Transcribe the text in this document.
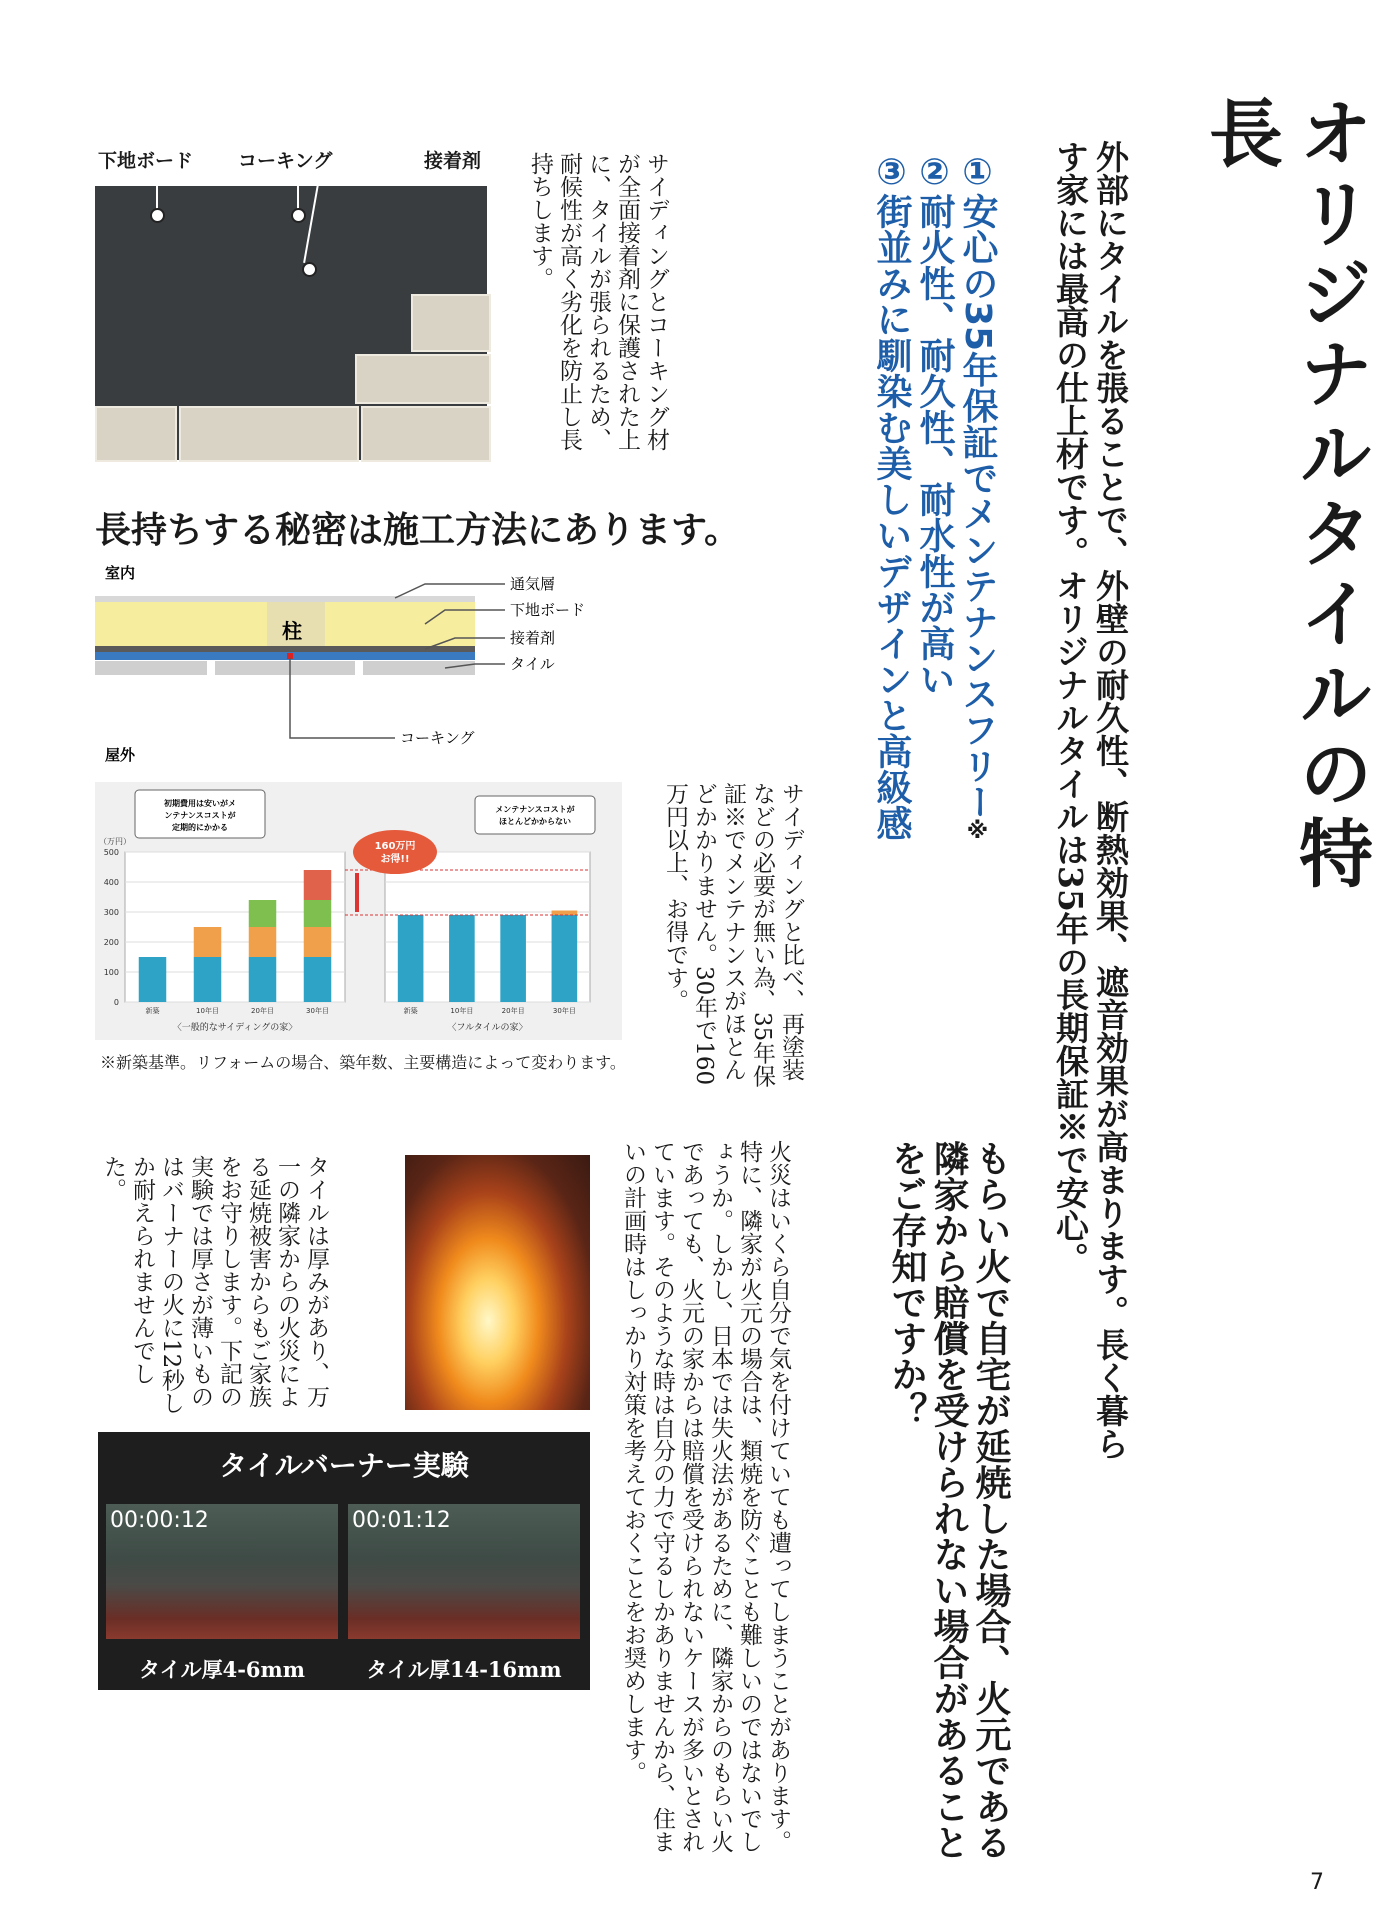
オリジナルタイルの特長
外部にタイルを張ることで、外壁の耐久性、断熱効果、遮音効果が高まります。長く暮らす家には最高の仕上材です。オリジナルタイルは35年の長期保証※で安心。
①安心の35年保証でメンテナンスフリー※
②耐火性、耐久性、耐水性が高い
③街並みに馴染む美しいデザインと高級感
下地ボード コーキング	接着剤	サイディングとコーキング材が全面接着剤に保護された上に、タイルが張られるため、耐候性が高く劣化を防止し長持ちします。
長持ちする秘密は施工方法にあります。
室内
柱
通気層
下地ボード
接着剤
タイル
コーキング
屋外
（万円）
0
100
200
300
400
500
新築	10年目	20年目	30年目
〈一般的なサイディングの家〉
新築	10年目	20年目	30年目
〈フルタイルの家〉
初期費用は安いがメ
ンテナンスコストが
定期的にかかる
メンテナンスコストが
ほとんどかからない
160万円
お得!!
※新築基準。リフォームの場合、築年数、主要構造によって変わります。	サイディングと比べ、再塗装などの必要が無い為、35年保証※でメンテナンスがほとんどかかりません。30年で160万円以上、お得です。
もらい火で自宅が延焼した場合、火元である隣家から賠償を受けられない場合があることをご存知ですか？
火災はいくら自分で気を付けていても遭ってしまうことがあります。特に、隣家が火元の場合は、類焼を防ぐことも難しいのではないでしょうか。しかし、日本では失火法があるために、隣家からのもらい火であっても、火元の家からは賠償を受けられないケースが多いとされています。そのような時は自分の力で守るしかありませんから、住まいの計画時はしっかり対策を考えておくことをお奨めします。
タイルは厚みがあり、万一の隣家からの火災による延焼被害からもご家族をお守りします。下記の実験では厚さが薄いものはバーナーの火に12秒しか耐えられませんでした。
タイルバーナー実験
00:00:12	00:01:12
タイル厚4-6mm	タイル厚14-16mm
7
